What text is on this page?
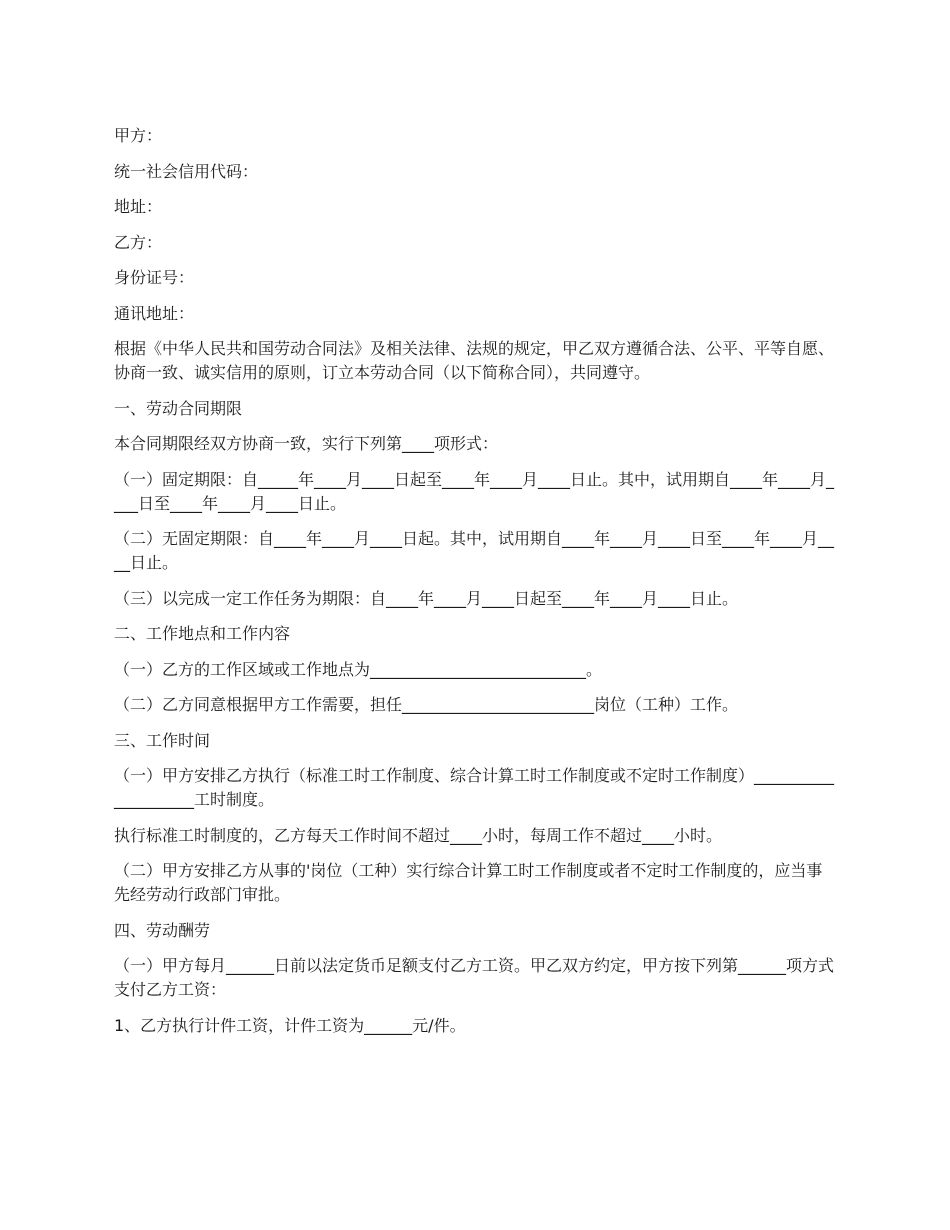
甲方：

统一社会信用代码：

地址：

乙方：

身份证号：

通讯地址：

根据《中华人民共和国劳动合同法》及相关法律、法规的规定，甲乙双方遵循合法、公平、平等自愿、协商一致、诚实信用的原则，订立本劳动合同（以下简称合同），共同遵守。

一、劳动合同期限

本合同期限经双方协商一致，实行下列第____项形式：

（一）固定期限：自_____年____月____日起至____年____月____日止。其中，试用期自____年____月____日至____年____月____日止。

（二）无固定期限：自____年____月____日起。其中，试用期自____年____月____日至____年____月____日止。

（三）以完成一定工作任务为期限：自____年____月____日起至____年____月____日止。

二、工作地点和工作内容

（一）乙方的工作区域或工作地点为___________________________。

（二）乙方同意根据甲方工作需要，担任________________________岗位（工种）工作。

三、工作时间

（一）甲方安排乙方执行（标准工时工作制度、综合计算工时工作制度或不定时工作制度）____________________工时制度。

执行标准工时制度的，乙方每天工作时间不超过____小时，每周工作不超过____小时。

（二）甲方安排乙方从事的'岗位（工种）实行综合计算工时工作制度或者不定时工作制度的，应当事先经劳动行政部门审批。

四、劳动酬劳

（一）甲方每月______日前以法定货币足额支付乙方工资。甲乙双方约定，甲方按下列第______项方式支付乙方工资：

1、乙方执行计件工资，计件工资为______元/件。
